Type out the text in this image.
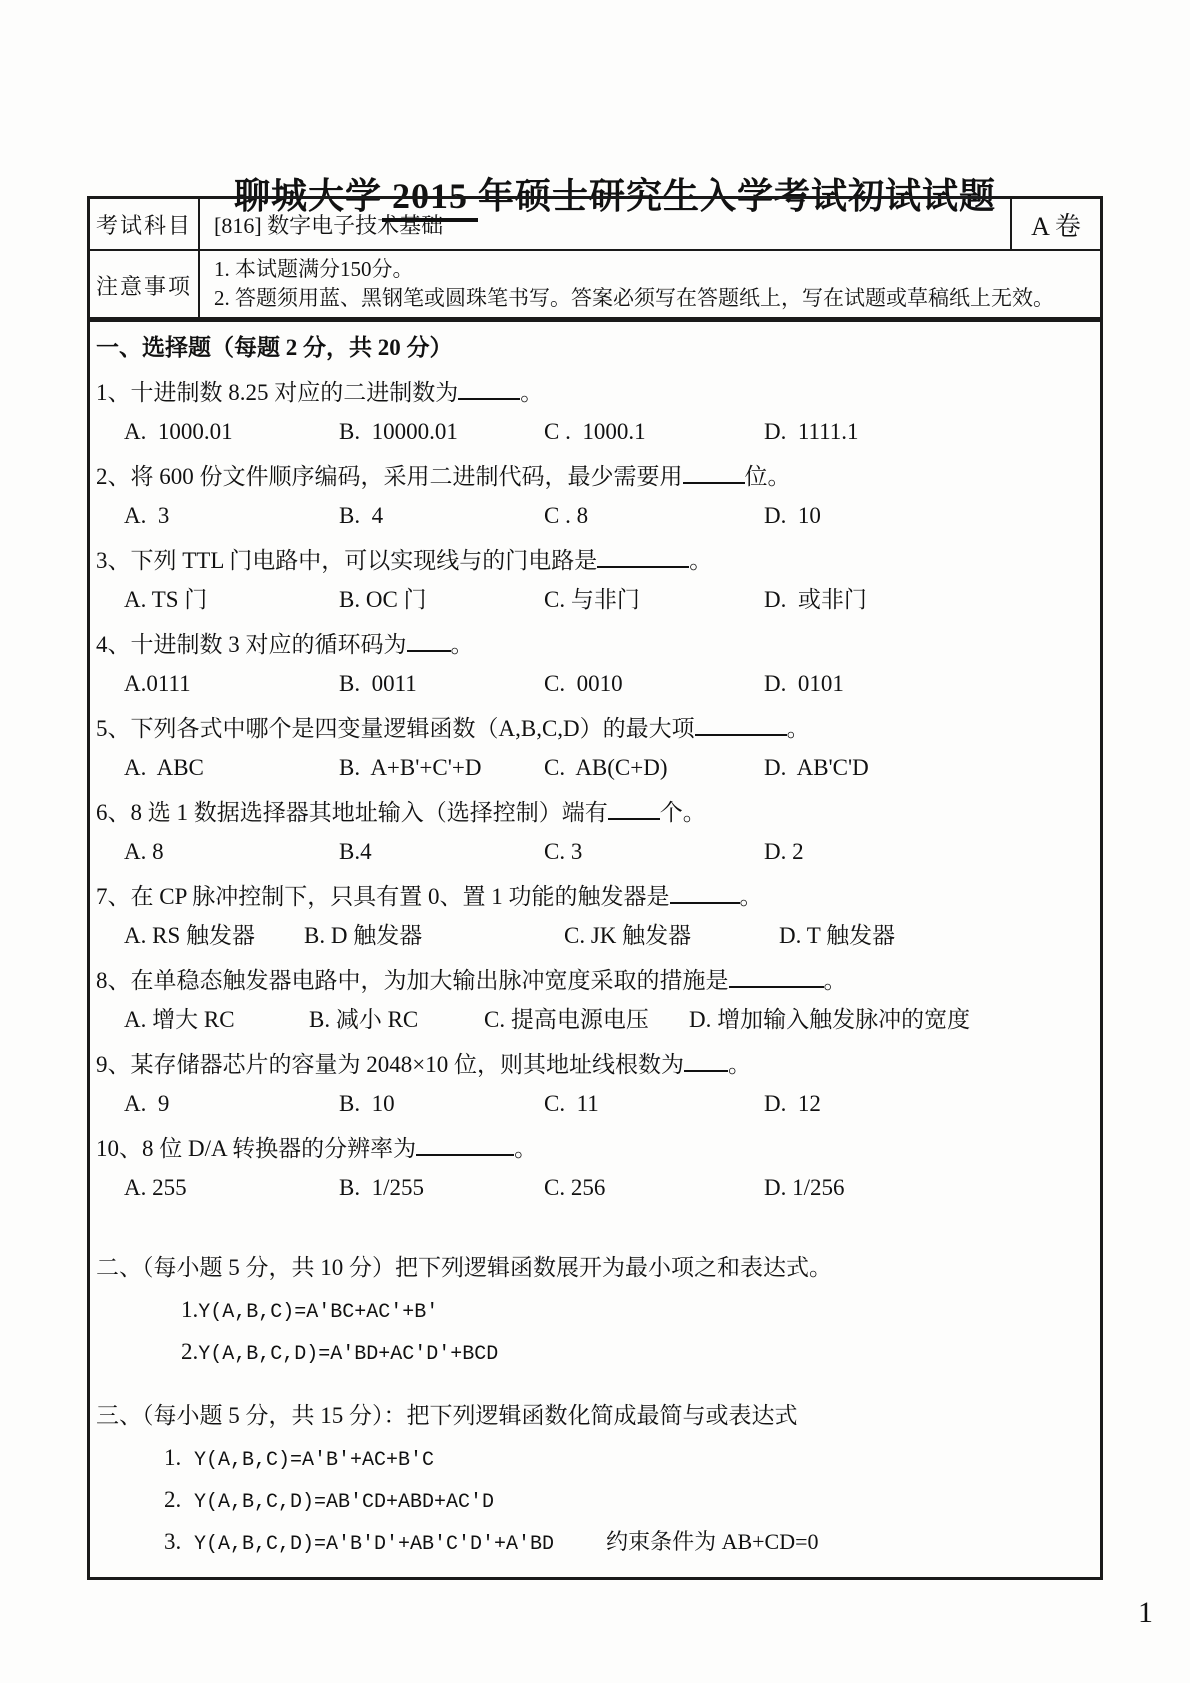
聊城大学 2015 年硕士研究生入学考试初试试题

考试科目	[816] 数字电子技术基础	A 卷
注意事项
1. 本试题满分150分。
2. 答题须用蓝、黑钢笔或圆珠笔书写。答案必须写在答题纸上，写在试题或草稿纸上无效。
一、选择题（每题 2 分，共 20 分）
1、十进制数 8.25 对应的二进制数为	。
A.  1000.01	B.  10000.01	C .  1000.1	D.  1111.1
2、将 600 份文件顺序编码，采用二进制代码，最少需要用	位。
A.  3	B.  4	C . 8	D.  10
3、下列 TTL 门电路中，可以实现线与的门电路是	。
A. TS 门	B. OC 门	C. 与非门	D.  或非门
4、十进制数 3 对应的循环码为 。
A.0111	B.  0011	C.  0010	D.  0101
5、下列各式中哪个是四变量逻辑函数（A,B,C,D）的最大项	。
A.  ABC	B.  A+B'+C'+D	C.  AB(C+D)	D.  AB'C'D
6、8 选 1 数据选择器其地址输入（选择控制）端有 个。
A. 8	B.4	C. 3	D. 2
7、在 CP 脉冲控制下，只具有置 0、置 1 功能的触发器是	。
A. RS 触发器	B. D 触发器	C. JK 触发器	D. T 触发器
8、在单稳态触发器电路中，为加大输出脉冲宽度采取的措施是	。
A. 增大 RC	B. 减小 RC	C. 提高电源电压	D. 增加输入触发脉冲的宽度
9、某存储器芯片的容量为 2048×10 位，则其地址线根数为 。
A.  9	B.  10	C.  11	D.  12
10、8 位 D/A 转换器的分辨率为	。
A. 255	B.  1/255	C. 256	D. 1/256
二、（每小题 5 分，共 10 分）把下列逻辑函数展开为最小项之和表达式。
1.Y(A,B,C)=A'BC+AC'+B'
2.Y(A,B,C,D)=A'BD+AC'D'+BCD
三、（每小题 5 分，共 15 分）：把下列逻辑函数化简成最简与或表达式
1. Y(A,B,C)=A'B'+AC+B'C
2. Y(A,B,C,D)=AB'CD+ABD+AC'D
3. Y(A,B,C,D)=A'B'D'+AB'C'D'+A'BD 约束条件为 AB+CD=0
1
